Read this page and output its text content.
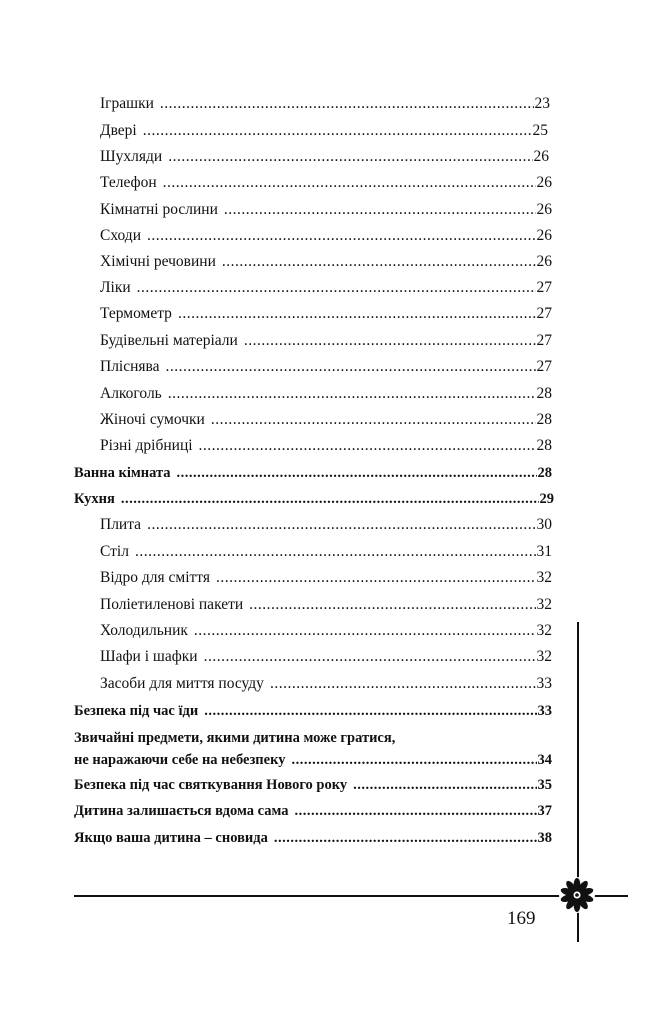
Іграшки .....	23
Двері .....	25
Шухляди .....	26
Телефон .....	26
Кімнатні рослини .....	26
Сходи .....	26
Хімічні речовини .....	26
Ліки .....	27
Термометр .....	27
Будівельні матеріали .....	27
Пліснява .....	27
Алкоголь .....	28
Жіночі сумочки .....	28
Різні дрібниці .....	28
Ванна кімната .....	28
Кухня .....	29
Плита .....	30
Стіл .....	31
Відро для сміття .....	32
Поліетиленові пакети .....	32
Холодильник .....	32
Шафи і шафки .....	32
Засоби для миття посуду .....	33
Безпека під час їди .....	33
Звичайні предмети, якими дитина може гратися,
не наражаючи себе на небезпеку .....	34
Безпека під час святкування Нового року .....	35
Дитина залишається вдома сама .....	37
Якщо ваша дитина – сновида .....	38
169
